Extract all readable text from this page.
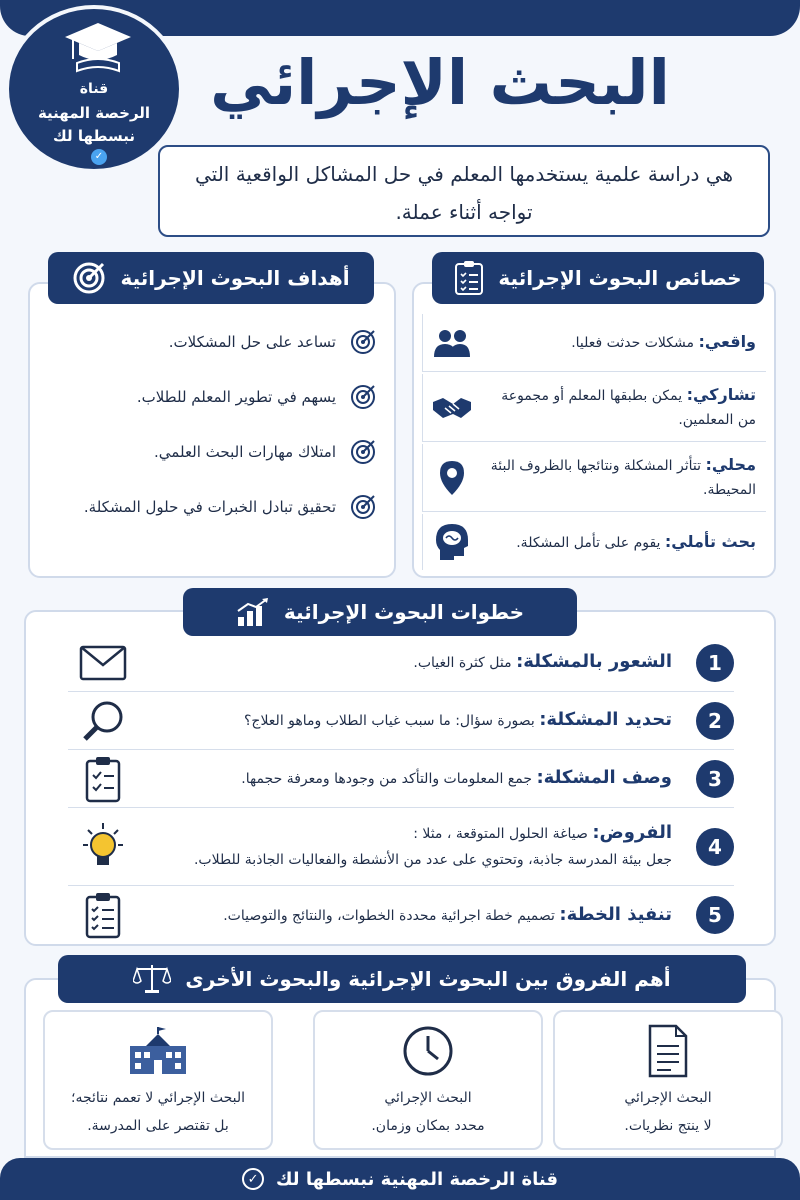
البحث الإجرائي
قناة
الرخصة المهنية
نبسطها لك
✓
هي دراسة علمية يستخدمها المعلم في حل المشاكل الواقعية التي تواجه أثناء عملة.
واقعي: مشكلات حدثت فعليا.
تشاركي: يمكن بطبقها المعلم أو مجموعة من المعلمين.
محلي: تتأثر المشكلة ونتائجها بالظروف البئة المحيطة.
بحث تأملي: يقوم على تأمل المشكلة.
خصائص البحوث الإجرائية
تساعد على حل المشكلات.
يسهم في تطوير المعلم للطلاب.
امتلاك مهارات البحث العلمي.
تحقيق تبادل الخبرات في حلول المشكلة.
أهداف البحوث الإجرائية
1
الشعور بالمشكلة: مثل كثرة الغياب.
2
تحديد المشكلة: بصورة سؤال: ما سبب غياب الطلاب وماهو العلاج؟
3
وصف المشكلة: جمع المعلومات والتأكد من وجودها ومعرفة حجمها.
4
الفروض: صياغة الحلول المتوقعة ، مثلا :
جعل بيئة المدرسة جاذبة، وتحتوي على عدد من الأنشطة والفعاليات الجاذبة للطلاب.
5
تنفيذ الخطة: تصميم خطة اجرائية محددة الخطوات، والنتائج والتوصيات.
خطوات البحوث الإجرائية
أهم الفروق بين البحوث الإجرائية والبحوث الأخرى
البحث الإجرائي
لا ينتج نظريات.
البحث الإجرائي
محدد بمكان وزمان.
البحث الإجرائي لا تعمم نتائجه؛
بل تقتصر على المدرسة.
قناة الرخصة المهنية نبسطها لك
✓
